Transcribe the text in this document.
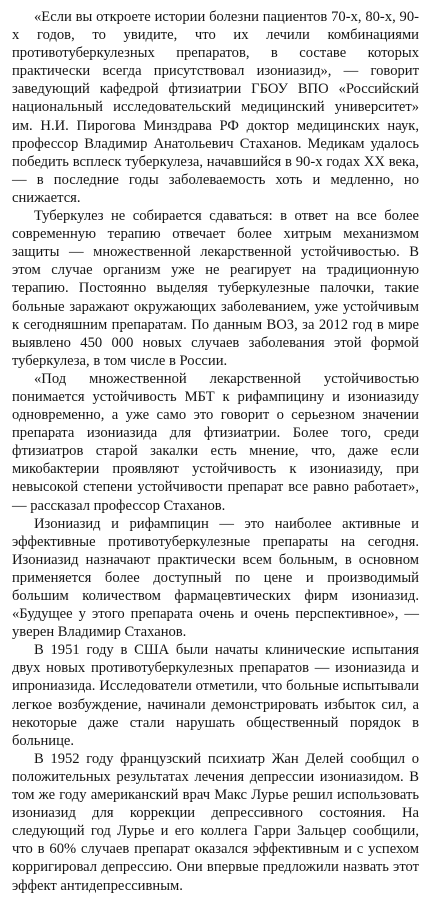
«Если вы откроете истории болезни пациентов 70-х, 80-х, 90-х годов, то увидите, что их лечили комбинациями противотуберкулезных препаратов, в составе которых практически всегда присутствовал изониазид», — говорит заведующий кафедрой фтизиатрии ГБОУ ВПО «Российский национальный исследовательский медицинский университет» им. Н.И. Пирогова Минздрава РФ доктор медицинских наук, профессор Владимир Анатольевич Стаханов. Медикам удалось победить всплеск туберкулеза, начавшийся в 90-х годах XX века, — в последние годы заболеваемость хоть и медленно, но снижается.

Туберкулез не собирается сдаваться: в ответ на все более современную терапию отвечает более хитрым механизмом защиты — множественной лекарственной устойчивостью. В этом случае организм уже не реагирует на традиционную терапию. Постоянно выделяя туберкулезные палочки, такие больные заражают окружающих заболеванием, уже устойчивым к сегодняшним препаратам. По данным ВОЗ, за 2012 год в мире выявлено 450 000 новых случаев заболевания этой формой туберкулеза, в том числе в России.

«Под множественной лекарственной устойчивостью понимается устойчивость МБТ к рифампицину и изониазиду одновременно, а уже само это говорит о серьезном значении препарата изониазида для фтизиатрии. Более того, среди фтизиатров старой закалки есть мнение, что, даже если микобактерии проявляют устойчивость к изониазиду, при невысокой степени устойчивости препарат все равно работает», — рассказал профессор Стаханов.

Изониазид и рифампицин — это наиболее активные и эффективные противотуберкулезные препараты на сегодня. Изониазид назначают практически всем больным, в основном применяется более доступный по цене и производимый большим количеством фармацевтических фирм изониазид. «Будущее у этого препарата очень и очень перспективное», — уверен Владимир Стаханов.

В 1951 году в США были начаты клинические испытания двух новых противотуберкулезных препаратов — изониазида и ипрониазида. Исследователи отметили, что больные испытывали легкое возбуждение, начинали демонстрировать избыток сил, а некоторые даже стали нарушать общественный порядок в больнице.

В 1952 году французский психиатр Жан Делей сообщил о положительных результатах лечения депрессии изониазидом. В том же году американский врач Макс Лурье решил использовать изониазид для коррекции депрессивного состояния. На следующий год Лурье и его коллега Гарри Зальцер сообщили, что в 60% случаев препарат оказался эффективным и с успехом корригировал депрессию. Они впервые предложили назвать этот эффект антидепрессивным.
